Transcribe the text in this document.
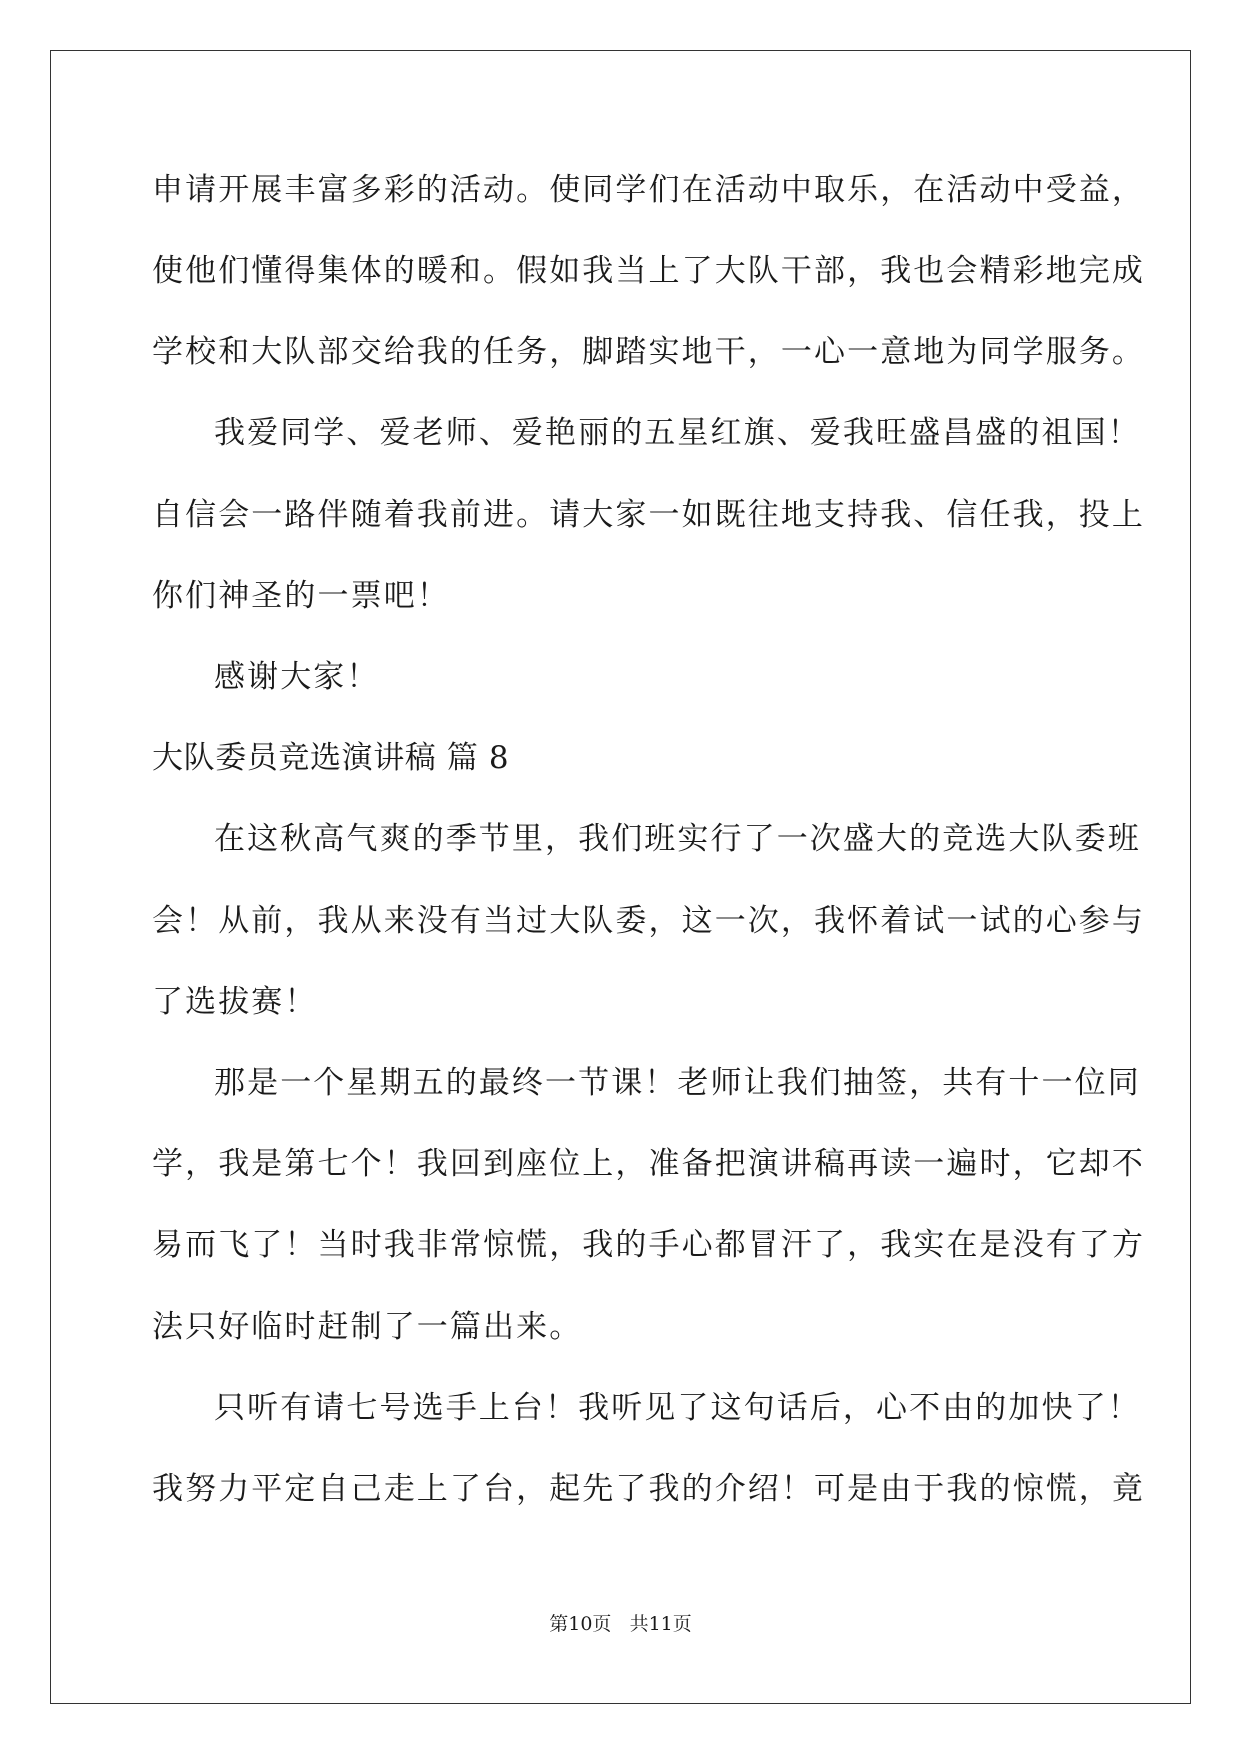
申请开展丰富多彩的活动。使同学们在活动中取乐，在活动中受益，
使他们懂得集体的暖和。假如我当上了大队干部，我也会精彩地完成
学校和大队部交给我的任务，脚踏实地干，一心一意地为同学服务。
我爱同学、爱老师、爱艳丽的五星红旗、爱我旺盛昌盛的祖国！
自信会一路伴随着我前进。请大家一如既往地支持我、信任我，投上
你们神圣的一票吧！
感谢大家！
大队委员竞选演讲稿 篇 8
在这秋高气爽的季节里，我们班实行了一次盛大的竞选大队委班
会！从前，我从来没有当过大队委，这一次，我怀着试一试的心参与
了选拔赛！
那是一个星期五的最终一节课！老师让我们抽签，共有十一位同
学，我是第七个！我回到座位上，准备把演讲稿再读一遍时，它却不
易而飞了！当时我非常惊慌，我的手心都冒汗了，我实在是没有了方
法只好临时赶制了一篇出来。
只听有请七号选手上台！我听见了这句话后，心不由的加快了！
我努力平定自己走上了台，起先了我的介绍！可是由于我的惊慌，竟
第10页 共11页
